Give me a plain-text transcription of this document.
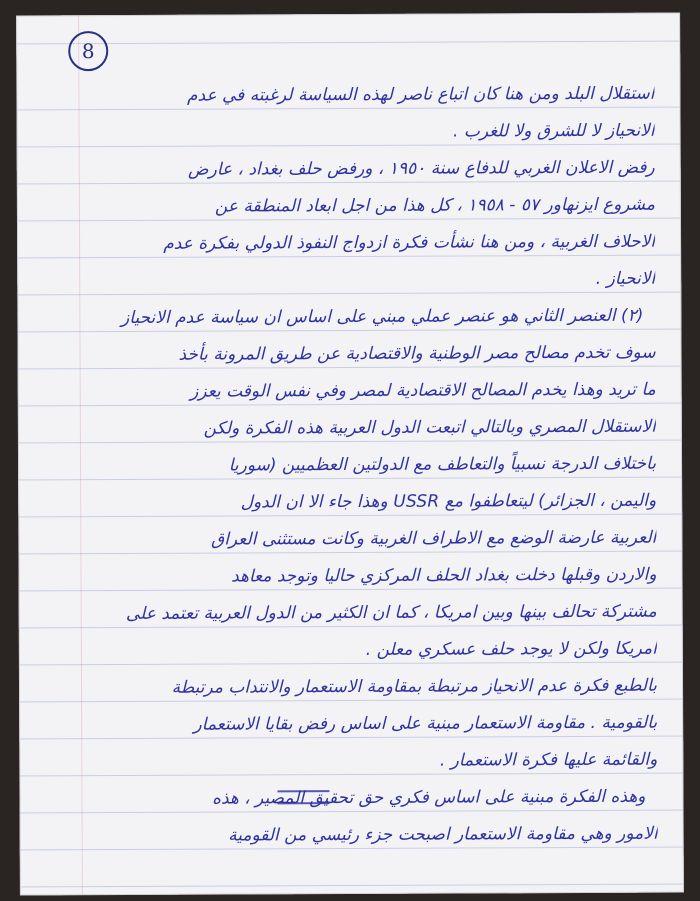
8
استقلال البلد ومن هنا كان اتباع ناصر لهذه السياسة لرغبته في عدم
الانحياز لا للشرق ولا للغرب .
رفض الاعلان الغربي للدفاع سنة ١٩٥٠ ، ورفض حلف بغداد ، عارض
مشروع ايزنهاور ٥٧ - ١٩٥٨ ، كل هذا من اجل ابعاد المنطقة عن
الاحلاف الغربية ، ومن هنا نشأت فكرة ازدواج النفوذ الدولي بفكرة عدم
الانحياز .
(٢) العنصر الثاني هو عنصر عملي مبني على اساس ان سياسة عدم الانحياز
سوف تخدم مصالح مصر الوطنية والاقتصادية عن طريق المرونة بأخذ
ما تريد وهذا يخدم المصالح الاقتصادية لمصر وفي نفس الوقت يعزز
الاستقلال المصري وبالتالي اتبعت الدول العربية هذه الفكرة ولكن
باختلاف الدرجة نسبياً والتعاطف مع الدولتين العظميين (سوريا
واليمن ، الجزائر) ليتعاطفوا مع USSR وهذا جاء الا ان الدول
العربية عارضة الوضع مع الاطراف الغربية وكانت مستثنى العراق
والاردن وقبلها دخلت بغداد الحلف المركزي حاليا وتوجد معاهد
مشتركة تحالف بينها وبين امريكا ، كما ان الكثير من الدول العربية تعتمد على
امريكا ولكن لا يوجد حلف عسكري معلن .
بالطبع فكرة عدم الانحياز مرتبطة بمقاومة الاستعمار والانتداب مرتبطة
بالقومية . مقاومة الاستعمار مبنية على اساس رفض بقايا الاستعمار
والقائمة عليها فكرة الاستعمار .
وهذه الفكرة مبنية على اساس فكري حق تحقيق المصير ، هذه
الامور وهي مقاومة الاستعمار اصبحت جزء رئيسي من القومية
